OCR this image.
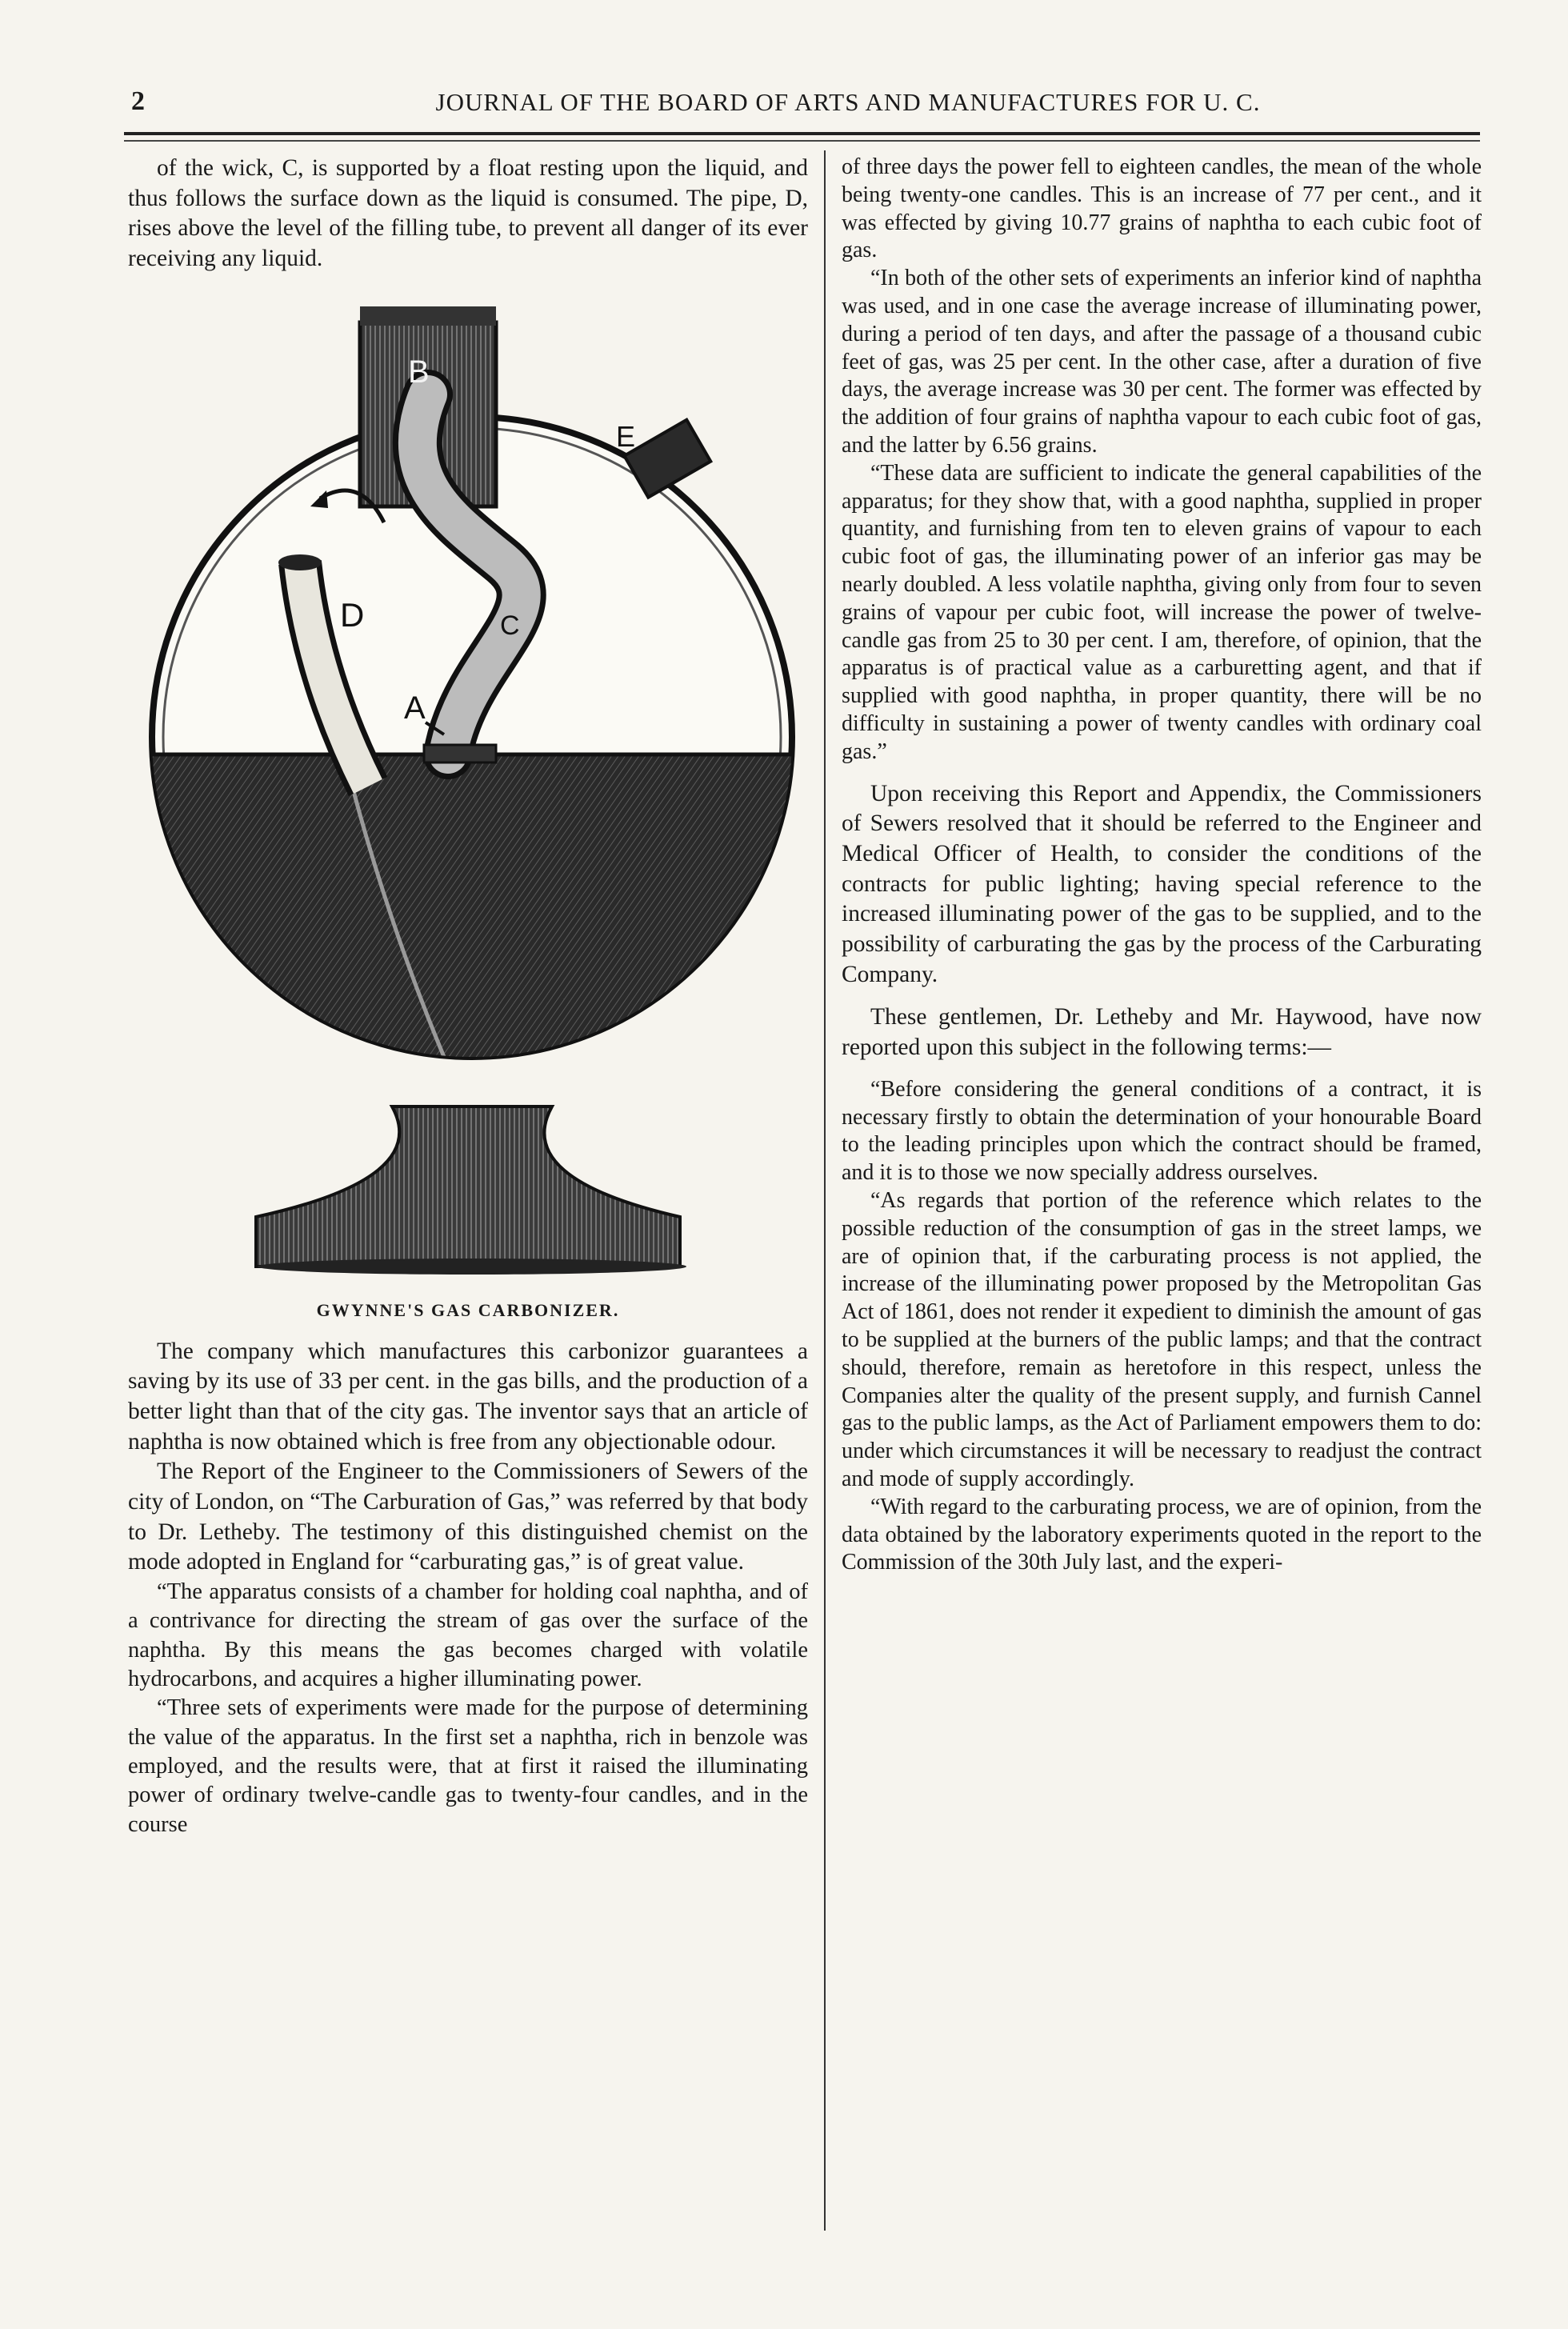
2	JOURNAL OF THE BOARD OF ARTS AND MANUFACTURES FOR U. C.

of the wick, C, is supported by a float resting upon the liquid, and thus follows the surface down as the liquid is consumed. The pipe, D, rises above the level of the filling tube, to prevent all danger of its ever receiving any liquid.

B
E
D	C
A
GWYNNE'S GAS CARBONIZER.

The company which manufactures this carbonizor guarantees a saving by its use of 33 per cent. in the gas bills, and the production of a better light than that of the city gas. The inventor says that an article of naphtha is now obtained which is free from any objectionable odour.

The Report of the Engineer to the Commissioners of Sewers of the city of London, on “The Carburation of Gas,” was referred by that body to Dr. Letheby. The testimony of this distinguished chemist on the mode adopted in England for “carburating gas,” is of great value.

“The apparatus consists of a chamber for holding coal naphtha, and of a contrivance for directing the stream of gas over the surface of the naphtha. By this means the gas becomes charged with volatile hydrocarbons, and acquires a higher illuminating power.

“Three sets of experiments were made for the purpose of determining the value of the apparatus. In the first set a naphtha, rich in benzole was employed, and the results were, that at first it raised the illuminating power of ordinary twelve-candle gas to twenty-four candles, and in the course

of three days the power fell to eighteen candles, the mean of the whole being twenty-one candles. This is an increase of 77 per cent., and it was effected by giving 10.77 grains of naphtha to each cubic foot of gas.

“In both of the other sets of experiments an inferior kind of naphtha was used, and in one case the average increase of illuminating power, during a period of ten days, and after the passage of a thousand cubic feet of gas, was 25 per cent. In the other case, after a duration of five days, the average increase was 30 per cent. The former was effected by the addition of four grains of naphtha vapour to each cubic foot of gas, and the latter by 6.56 grains.

“These data are sufficient to indicate the general capabilities of the apparatus; for they show that, with a good naphtha, supplied in proper quantity, and furnishing from ten to eleven grains of vapour to each cubic foot of gas, the illuminating power of an inferior gas may be nearly doubled. A less volatile naphtha, giving only from four to seven grains of vapour per cubic foot, will increase the power of twelve-candle gas from 25 to 30 per cent. I am, therefore, of opinion, that the apparatus is of practical value as a carburetting agent, and that if supplied with good naphtha, in proper quantity, there will be no difficulty in sustaining a power of twenty candles with ordinary coal gas.”

Upon receiving this Report and Appendix, the Commissioners of Sewers resolved that it should be referred to the Engineer and Medical Officer of Health, to consider the conditions of the contracts for public lighting; having special reference to the increased illuminating power of the gas to be supplied, and to the possibility of carburating the gas by the process of the Carburating Company.

These gentlemen, Dr. Letheby and Mr. Haywood, have now reported upon this subject in the following terms:—

“Before considering the general conditions of a contract, it is necessary firstly to obtain the determination of your honourable Board to the leading principles upon which the contract should be framed, and it is to those we now specially address ourselves.

“As regards that portion of the reference which relates to the possible reduction of the consumption of gas in the street lamps, we are of opinion that, if the carburating process is not applied, the increase of the illuminating power proposed by the Metropolitan Gas Act of 1861, does not render it expedient to diminish the amount of gas to be supplied at the burners of the public lamps; and that the contract should, therefore, remain as heretofore in this respect, unless the Companies alter the quality of the present supply, and furnish Cannel gas to the public lamps, as the Act of Parliament empowers them to do: under which circumstances it will be necessary to readjust the contract and mode of supply accordingly.

“With regard to the carburating process, we are of opinion, from the data obtained by the laboratory experiments quoted in the report to the Commission of the 30th July last, and the experi-
